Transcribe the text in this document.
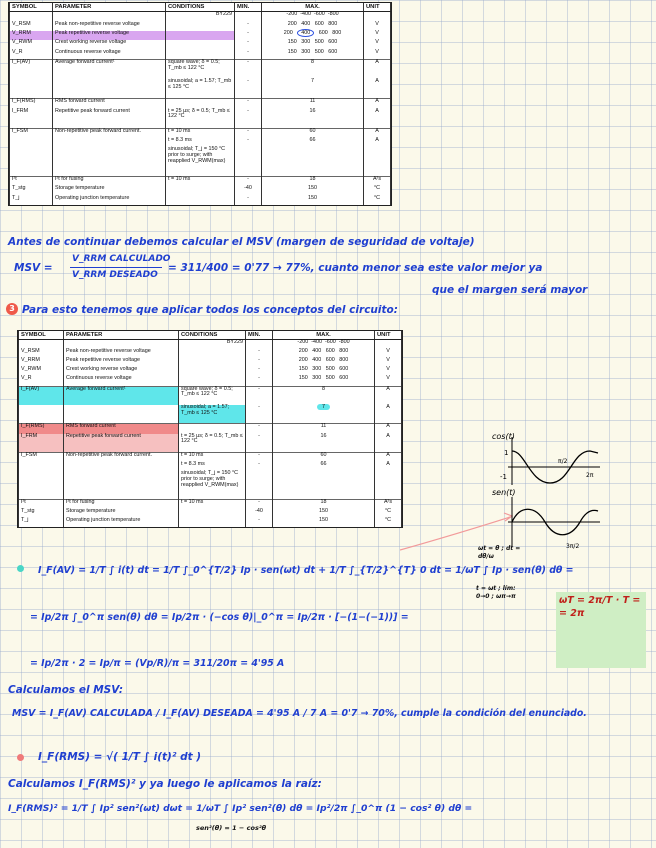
SYMBOL	PARAMETER	CONDITIONS	MIN.	MAX.	UNIT
		BY229		-200 -400 -600 -800	
V_RSM	Peak non-repetitive reverse voltage		-	200 400 600 800	V
V_RRM	Peak repetitive reverse voltage		-	200 400 600 800	V
V_RWM	Crest working reverse voltage		-	150 300 500 600	V
V_R	Continuous reverse voltage		-	150 300 500 600	V
I_F(AV)	Average forward current¹	square wave; δ = 0.5; T_mb ≤ 122 °C	-	8	A
		sinusoidal; a = 1.57; T_mb ≤ 125 °C	-	7	A
I_F(RMS)	RMS forward current		-	11	A
I_FRM	Repetitive peak forward current	t = 25 µs; δ = 0.5; T_mb ≤ 122 °C	-	16	A
I_FSM	Non-repetitive peak forward current.	t = 10 ms	-	60	A
		t = 8.3 ms	-	66	A
		sinusoidal; T_j = 150 °C prior to surge; with reapplied V_RWM(max)			
I²t	I²t for fusing	t = 10 ms	-	18	A²s
T_stg	Storage temperature		-40	150	°C
T_j	Operating junction temperature		-	150	°C
Antes de continuar debemos calcular el MSV (margen de seguridad de voltaje)
MSV =
V_RRM CALCULADO
V_RRM DESEADO
= 311/400 = 0'77 → 77%, cuanto menor sea este valor mejor ya
que el margen será mayor
3 Para esto tenemos que aplicar todos los conceptos del circuito:
SYMBOL	PARAMETER	CONDITIONS	MIN.	MAX.	UNIT
		BY229		-200 -400 -600 -800	
V_RSM	Peak non-repetitive reverse voltage		-	200 400 600 800	V
V_RRM	Peak repetitive reverse voltage		-	200 400 600 800	V
V_RWM	Crest working reverse voltage		-	150 300 500 600	V
V_R	Continuous reverse voltage		-	150 300 500 600	V
I_F(AV)	Average forward current¹	square wave; δ = 0.5; T_mb ≤ 122 °C	-	8	A
		sinusoidal; a = 1.57; T_mb ≤ 125 °C	-	7	A
I_F(RMS)	RMS forward current		-	11	A
I_FRM	Repetitive peak forward current	t = 25 µs; δ = 0.5; T_mb ≤ 122 °C	-	16	A
I_FSM	Non-repetitive peak forward current.	t = 10 ms	-	60	A
		t = 8.3 ms	-	66	A
		sinusoidal; T_j = 150 °C prior to surge; with reapplied V_RWM(max)			
I²t	I²t for fusing	t = 10 ms	-	18	A²s
T_stg	Storage temperature		-40	150	°C
T_j	Operating junction temperature		-	150	°C
cos(t)
1
-1
π/2
2π
sen(t)
3π/2
I_F(AV) = 1/T ∫ i(t) dt = 1/T ∫_0^{T/2} Ip · sen(ωt) dt + 1/T ∫_{T/2}^{T} 0 dt = 1/ωT ∫ Ip · sen(θ) dθ =
ωt = θ ; dt = dθ/ω
t = ωt ; lím: 0→0 ; ωπ→π	ωT = 2π/T · T =
= 2π
= Ip/2π ∫_0^π sen(θ) dθ = Ip/2π · (−cos θ)|_0^π = Ip/2π · [−(1−(−1))] =
= Ip/2π · 2 = Ip/π = (Vp/R)/π = 311/20π = 4'95 A
Calculamos el MSV:
MSV = I_F(AV) CALCULADA / I_F(AV) DESEADA = 4'95 A / 7 A = 0'7 → 70%, cumple la condición del enunciado.
I_F(RMS) = √( 1/T ∫ i(t)² dt )
Calculamos I_F(RMS)² y ya luego le aplicamos la raíz:
I_F(RMS)² = 1/T ∫ Ip² sen²(ωt) dωt = 1/ωT ∫ Ip² sen²(θ) dθ = Ip²/2π ∫_0^π (1 − cos² θ) dθ =
sen²(θ) = 1 − cos²θ
